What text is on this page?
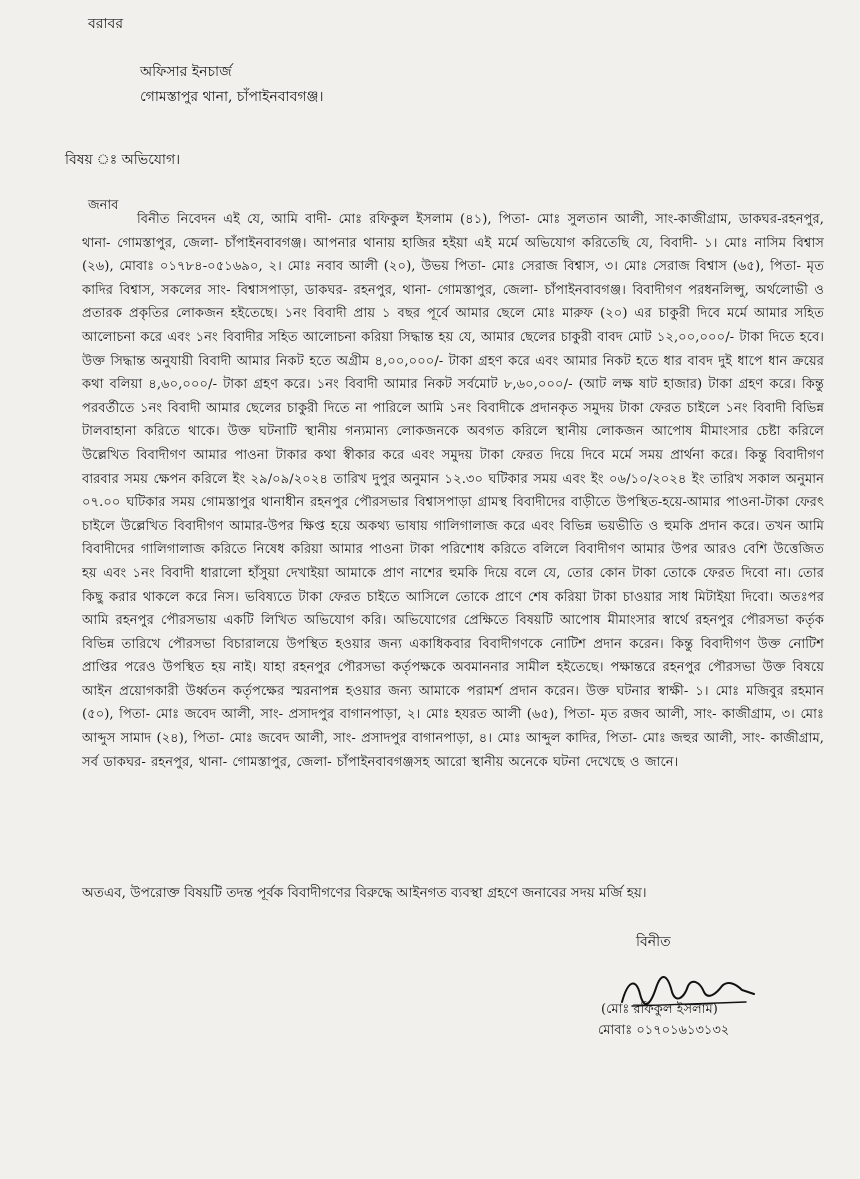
বরাবর
অফিসার ইনচার্জ
গোমস্তাপুর থানা, চাঁপাইনবাবগঞ্জ।
বিষয় ঃ অভিযোগ।
জনাব
বিনীত নিবেদন এই যে, আমি বাদী- মোঃ রফিকুল ইসলাম (৪১), পিতা- মোঃ সুলতান আলী, সাং-কাজীগ্রাম, ডাকঘর-রহনপুর, থানা- গোমস্তাপুর, জেলা- চাঁপাইনবাবগঞ্জ। আপনার থানায় হাজির হইয়া এই মর্মে অভিযোগ করিতেছি যে, বিবাদী- ১। মোঃ নাসিম বিশ্বাস (২৬), মোবাঃ ০১৭৮৪-০৫১৬৯০, ২। মোঃ নবাব আলী (২০), উভয় পিতা- মোঃ সেরাজ বিশ্বাস, ৩। মোঃ সেরাজ বিশ্বাস (৬৫), পিতা- মৃত কাদির বিশ্বাস, সকলের সাং- বিশ্বাসপাড়া, ডাকঘর- রহনপুর, থানা- গোমস্তাপুর, জেলা- চাঁপাইনবাবগঞ্জ। বিবাদীগণ পরধনলিপ্সু, অর্থলোভী ও প্রতারক প্রকৃতির লোকজন হইতেছে। ১নং বিবাদী প্রায় ১ বছর পূর্বে আমার ছেলে মোঃ মারুফ (২০) এর চাকুরী দিবে মর্মে আমার সহিত আলোচনা করে এবং ১নং বিবাদীর সহিত আলোচনা করিয়া সিদ্ধান্ত হয় যে, আমার ছেলের চাকুরী বাবদ মোট ১২,০০,০০০/- টাকা দিতে হবে। উক্ত সিদ্ধান্ত অনুযায়ী বিবাদী আমার নিকট হতে অগ্রীম ৪,০০,০০০/- টাকা গ্রহণ করে এবং আমার নিকট হতে ধার বাবদ দুই ধাপে ধান ক্রয়ের কথা বলিয়া ৪,৬০,০০০/- টাকা গ্রহণ করে। ১নং বিবাদী আমার নিকট সর্বমোট ৮,৬০,০০০/- (আট লক্ষ ষাট হাজার) টাকা গ্রহণ করে। কিন্তু পরবর্তীতে ১নং বিবাদী আমার ছেলের চাকুরী দিতে না পারিলে আমি ১নং বিবাদীকে প্রদানকৃত সমুদয় টাকা ফেরত চাইলে ১নং বিবাদী বিভিন্ন টালবাহানা করিতে থাকে। উক্ত ঘটনাটি স্থানীয় গন্যমান্য লোকজনকে অবগত করিলে স্থানীয় লোকজন আপোষ মীমাংসার চেষ্টা করিলে উল্লেখিত বিবাদীগণ আমার পাওনা টাকার কথা স্বীকার করে এবং সমুদয় টাকা ফেরত দিয়ে দিবে মর্মে সময় প্রার্থনা করে। কিন্তু বিবাদীগণ বারবার সময় ক্ষেপন করিলে ইং ২৯/০৯/২০২৪ তারিখ দুপুর অনুমান ১২.৩০ ঘটিকার সময় এবং ইং ০৬/১০/২০২৪ ইং তারিখ সকাল অনুমান ০৭.০০ ঘটিকার সময় গোমস্তাপুর থানাধীন রহনপুর পৌরসভার বিশ্বাসপাড়া গ্রামস্থ বিবাদীদের বাড়ীতে উপস্থিত-হয়ে-আমার পাওনা-টাকা ফেরৎ চাইলে উল্লেখিত বিবাদীগণ আমার-উপর ক্ষিপ্ত হয়ে অকথ্য ভাষায় গালিগালাজ করে এবং বিভিন্ন ভয়ভীতি ও হুমকি প্রদান করে। তখন আমি বিবাদীদের গালিগালাজ করিতে নিষেধ করিয়া আমার পাওনা টাকা পরিশোধ করিতে বলিলে বিবাদীগণ আমার উপর আরও বেশি উত্তেজিত হয় এবং ১নং বিবাদী ধারালো হাঁসুয়া দেখাইয়া আমাকে প্রাণ নাশের হুমকি দিয়ে বলে যে, তোর কোন টাকা তোকে ফেরত দিবো না। তোর কিছু করার থাকলে করে নিস। ভবিষ্যতে টাকা ফেরত চাইতে আসিলে তোকে প্রাণে শেষ করিয়া টাকা চাওয়ার সাধ মিটাইয়া দিবো। অতঃপর আমি রহনপুর পৌরসভায় একটি লিখিত অভিযোগ করি। অভিযোগের প্রেক্ষিতে বিষয়টি আপোষ মীমাংসার স্বার্থে রহনপুর পৌরসভা কর্তৃক বিভিন্ন তারিখে পৌরসভা বিচারালয়ে উপস্থিত হওয়ার জন্য একাধিকবার বিবাদীগণকে নোটিশ প্রদান করেন। কিন্তু বিবাদীগণ উক্ত নোটিশ প্রাপ্তির পরেও উপস্থিত হয় নাই। যাহা রহনপুর পৌরসভা কর্তৃপক্ষকে অবমাননার সামীল হইতেছে। পক্ষান্তরে রহনপুর পৌরসভা উক্ত বিষয়ে আইন প্রয়োগকারী উর্ধ্বতন কর্তৃপক্ষের স্মরনাপন্ন হওয়ার জন্য আমাকে পরামর্শ প্রদান করেন। উক্ত ঘটনার স্বাক্ষী- ১। মোঃ মজিবুর রহমান (৫০), পিতা- মোঃ জবেদ আলী, সাং- প্রসাদপুর বাগানপাড়া, ২। মোঃ হযরত আলী (৬৫), পিতা- মৃত রজব আলী, সাং- কাজীগ্রাম, ৩। মোঃ আব্দুস সামাদ (২৪), পিতা- মোঃ জবেদ আলী, সাং- প্রসাদপুর বাগানপাড়া, ৪। মোঃ আব্দুল কাদির, পিতা- মোঃ জহুর আলী, সাং- কাজীগ্রাম, সর্ব ডাকঘর- রহনপুর, থানা- গোমস্তাপুর, জেলা- চাঁপাইনবাবগঞ্জসহ আরো স্থানীয় অনেকে ঘটনা দেখেছে ও জানে।
অতএব, উপরোক্ত বিষয়টি তদন্ত পূর্বক বিবাদীগণের বিরুদ্ধে আইনগত ব্যবস্থা গ্রহণে জনাবের সদয় মর্জি হয়।
বিনীত
(মোঃ রফিকুল ইসলাম)
মোবাঃ ০১৭০১৬১৩১৩২
